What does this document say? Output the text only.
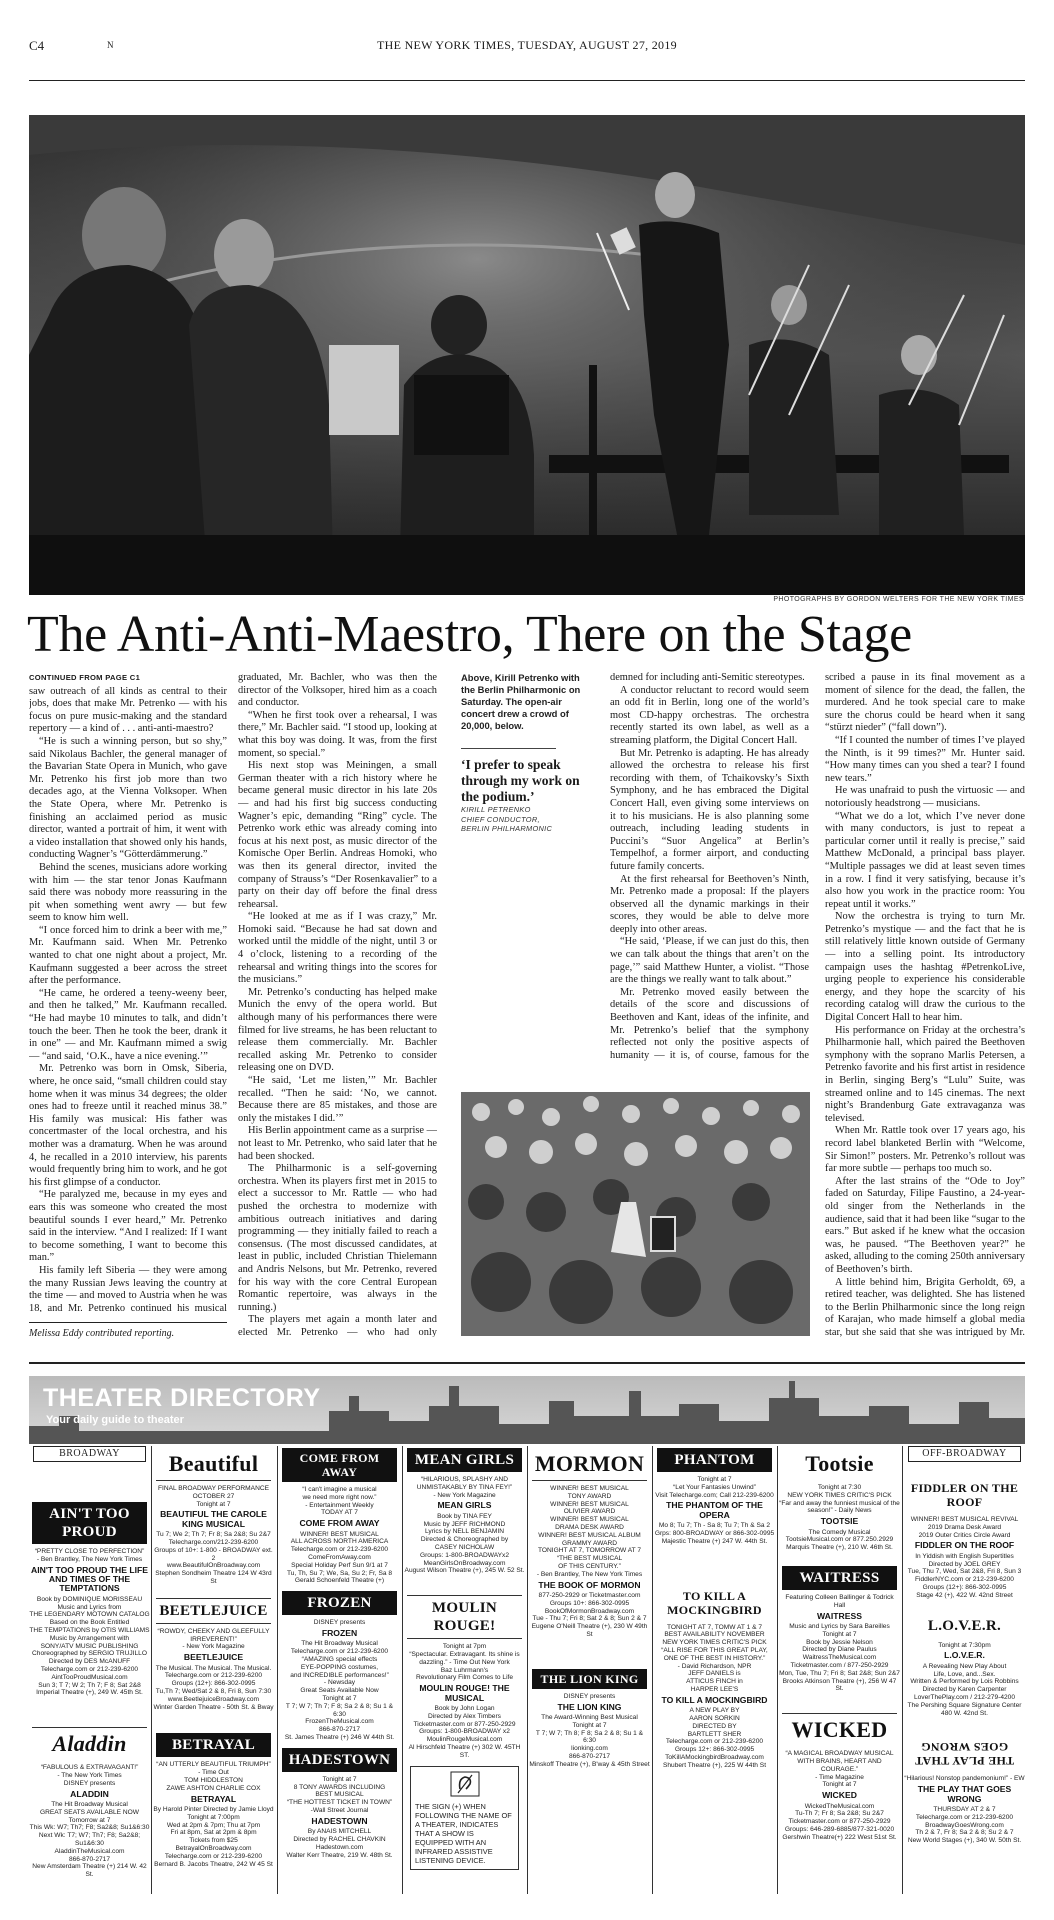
C4	N	THE NEW YORK TIMES, TUESDAY, AUGUST 27, 2019
PHOTOGRAPHS BY GORDON WELTERS FOR THE NEW YORK TIMES
The Anti-Anti-Maestro, There on the Stage
CONTINUED FROM PAGE C1

saw outreach of all kinds as central to their jobs, does that make Mr. Petrenko — with his focus on pure music-making and the standard repertory — a kind of . . . anti-anti-maestro?

“He is such a winning person, but so shy,” said Nikolaus Bachler, the general manager of the Bavarian State Opera in Munich, who gave Mr. Petrenko his first job more than two decades ago, at the Vienna Volksoper. When the State Opera, where Mr. Petrenko is finishing an acclaimed period as music director, wanted a portrait of him, it went with a video installation that showed only his hands, conducting Wagner’s “Götterdämmerung.”

Behind the scenes, musicians adore working with him — the star tenor Jonas Kaufmann said there was nobody more reassuring in the pit when something went awry — but few seem to know him well.

“I once forced him to drink a beer with me,” Mr. Kaufmann said. When Mr. Petrenko wanted to chat one night about a project, Mr. Kaufmann suggested a beer across the street after the performance.

“He came, he ordered a teeny-weeny beer, and then he talked,” Mr. Kaufmann recalled. “He had maybe 10 minutes to talk, and didn’t touch the beer. Then he took the beer, drank it in one” — and Mr. Kaufmann mimed a swig — “and said, ‘O.K., have a nice evening.’”

Mr. Petrenko was born in Omsk, Siberia, where, he once said, “small children could stay home when it was minus 34 degrees; the older ones had to freeze until it reached minus 38.” His family was musical: His father was concertmaster of the local orchestra, and his mother was a dramaturg. When he was around 4, he recalled in a 2010 interview, his parents would frequently bring him to work, and he got his first glimpse of a conductor.

“He paralyzed me, because in my eyes and ears this was someone who created the most beautiful sounds I ever heard,” Mr. Petrenko said in the interview. “And I realized: If I want to become something, I want to become this man.”

His family left Siberia — they were among the many Russian Jews leaving the country at the time — and moved to Austria when he was 18, and Mr. Petrenko continued his musical

Melissa Eddy contributed reporting.

graduated, Mr. Bachler, who was then the director of the Volksoper, hired him as a coach and conductor.

“When he first took over a rehearsal, I was there,” Mr. Bachler said. “I stood up, looking at what this boy was doing. It was, from the first moment, so special.”

His next stop was Meiningen, a small German theater with a rich history where he became general music director in his late 20s — and had his first big success conducting Wagner’s epic, demanding “Ring” cycle. The Petrenko work ethic was already coming into focus at his next post, as music director of the Komische Oper Berlin. Andreas Homoki, who was then its general director, invited the company of Strauss’s “Der Rosenkavalier” to a party on their day off before the final dress rehearsal.

“He looked at me as if I was crazy,” Mr. Homoki said. “Because he had sat down and worked until the middle of the night, until 3 or 4 o’clock, listening to a recording of the rehearsal and writing things into the scores for the musicians.”

Mr. Petrenko’s conducting has helped make Munich the envy of the opera world. But although many of his performances there were filmed for live streams, he has been reluctant to release them commercially. Mr. Bachler recalled asking Mr. Petrenko to consider releasing one on DVD.

“He said, ‘Let me listen,’” Mr. Bachler recalled. “Then he said: ‘No, we cannot. Because there are 85 mistakes, and those are only the mistakes I did.’”

His Berlin appointment came as a surprise — not least to Mr. Petrenko, who said later that he had been shocked.

The Philharmonic is a self-governing orchestra. When its players first met in 2015 to elect a successor to Mr. Rattle — who had pushed the orchestra to modernize with ambitious outreach initiatives and daring programming — they initially failed to reach a consensus. (The most discussed candidates, at least in public, included Christian Thielemann and Andris Nelsons, but Mr. Petrenko, revered for his way with the core Central European Romantic repertoire, was always in the running.)

The players met again a month later and elected Mr. Petrenko — who had only

Above, Kirill Petrenko with the Berlin Philharmonic on Saturday. The open-air concert drew a crowd of 20,000, below.
‘I prefer to speak through my work on the podium.’
KIRILL PETRENKO
CHIEF CONDUCTOR,
BERLIN PHILHARMONIC

demned for including anti-Semitic stereotypes.

A conductor reluctant to record would seem an odd fit in Berlin, long one of the world’s most CD-happy orchestras. The orchestra recently started its own label, as well as a streaming platform, the Digital Concert Hall.

But Mr. Petrenko is adapting. He has already allowed the orchestra to release his first recording with them, of Tchaikovsky’s Sixth Symphony, and he has embraced the Digital Concert Hall, even giving some interviews on it to his musicians. He is also planning some outreach, including leading students in Puccini’s “Suor Angelica” at Berlin’s Tempelhof, a former airport, and conducting future family concerts.

At the first rehearsal for Beethoven’s Ninth, Mr. Petrenko made a proposal: If the players observed all the dynamic markings in their scores, they would be able to delve more deeply into other areas.

“He said, ‘Please, if we can just do this, then we can talk about the things that aren’t on the page,’” said Matthew Hunter, a violist. “Those are the things we really want to talk about.”

Mr. Petrenko moved easily between the details of the score and discussions of Beethoven and Kant, ideas of the infinite, and Mr. Petrenko’s belief that the symphony reflected not only the positive aspects of humanity — it is, of course, famous for the

scribed a pause in its final movement as a moment of silence for the dead, the fallen, the murdered. And he took special care to make sure the chorus could be heard when it sang “stürzt nieder” (“fall down”).

“If I counted the number of times I’ve played the Ninth, is it 99 times?” Mr. Hunter said. “How many times can you shed a tear? I found new tears.”

He was unafraid to push the virtuosic — and notoriously headstrong — musicians.

“What we do a lot, which I’ve never done with many conductors, is just to repeat a particular corner until it really is precise,” said Matthew McDonald, a principal bass player. “Multiple passages we did at least seven times in a row. I find it very satisfying, because it’s also how you work in the practice room: You repeat until it works.”

Now the orchestra is trying to turn Mr. Petrenko’s mystique — and the fact that he is still relatively little known outside of Germany — into a selling point. Its introductory campaign uses the hashtag #PetrenkoLive, urging people to experience his considerable energy, and they hope the scarcity of his recording catalog will draw the curious to the Digital Concert Hall to hear him.

His performance on Friday at the orchestra’s Philharmonie hall, which paired the Beethoven symphony with the soprano Marlis Petersen, a Petrenko favorite and his first artist in residence in Berlin, singing Berg’s “Lulu” Suite, was streamed online and to 145 cinemas. The next night’s Brandenburg Gate extravaganza was televised.

When Mr. Rattle took over 17 years ago, his record label blanketed Berlin with “Welcome, Sir Simon!” posters. Mr. Petrenko’s rollout was far more subtle — perhaps too much so.

After the last strains of the “Ode to Joy” faded on Saturday, Filipe Faustino, a 24-year-old singer from the Netherlands in the audience, said that it had been like “sugar to the ears.” But asked if he knew what the occasion was, he paused. “The Beethoven year?” he asked, alluding to the coming 250th anniversary of Beethoven’s birth.

A little behind him, Brigita Gerholdt, 69, a retired teacher, was delighted. She has listened to the Berlin Philharmonic since the long reign of Karajan, who made himself a global media star, but she said that she was intrigued by Mr.

THEATER DIRECTORY
Your daily guide to theater
BROADWAY
AIN'T TOO PROUD
“PRETTY CLOSE TO PERFECTION”
- Ben Brantley, The New York Times
AIN'T TOO PROUD THE LIFE AND TIMES OF THE TEMPTATIONS
Book by DOMINIQUE MORISSEAU
Music and Lyrics from
THE LEGENDARY MOTOWN CATALOG
Based on the Book Entitled
THE TEMPTATIONS by OTIS WILLIAMS
Music by Arrangement with
SONY/ATV MUSIC PUBLISHING
Choreographed by SERGIO TRUJILLO
Directed by DES McANUFF
Telecharge.com or 212-239-6200
AintTooProudMusical.com
Sun 3; T 7; W 2; Th 7; F 8; Sat 2&8
Imperial Theatre (+), 249 W. 45th St.
Aladdin
“FABULOUS & EXTRAVAGANT!”
- The New York Times
DISNEY presents
ALADDIN
The Hit Broadway Musical
GREAT SEATS AVAILABLE NOW
Tomorrow at 7
This Wk: W7; Th7; F8; Sa2&8; Su1&6:30
Next Wk: T7; W7; Th7; F8; Sa2&8; Su1&6:30
AladdinTheMusical.com
866-870-2717
New Amsterdam Theatre (+) 214 W. 42 St.
Beautiful
FINAL BROADWAY PERFORMANCE
OCTOBER 27
Tonight at 7
BEAUTIFUL THE CAROLE KING MUSICAL
Tu 7; We 2; Th 7; Fr 8; Sa 2&8; Su 2&7
Telecharge.com/212-239-6200
Groups of 10+: 1-800 - BROADWAY ext. 2
www.BeautifulOnBroadway.com
Stephen Sondheim Theatre 124 W 43rd St
BEETLEJUICE
“ROWDY, CHEEKY AND GLEEFULLY IRREVERENT!”
- New York Magazine
BEETLEJUICE
The Musical. The Musical. The Musical.
Telecharge.com or 212-239-6200
Groups (12+): 866-302-0995
Tu,Th 7; Wed/Sat 2 & 8, Fri 8, Sun 7:30
www.BeetlejuiceBroadway.com
Winter Garden Theatre - 50th St. & Bway
BETRAYAL
“AN UTTERLY BEAUTIFUL TRIUMPH”
- Time Out
TOM HIDDLESTON
ZAWE ASHTON CHARLIE COX
BETRAYAL
By Harold Pinter Directed by Jamie Lloyd
Tonight at 7:00pm
Wed at 2pm & 7pm; Thu at 7pm
Fri at 8pm, Sat at 2pm & 8pm
Tickets from $25
BetrayalOnBroadway.com
Telecharge.com or 212-239-6200
Bernard B. Jacobs Theatre, 242 W 45 St
COME FROM AWAY
“I can't imagine a musical
we need more right now.”
- Entertainment Weekly
TODAY AT 7
COME FROM AWAY
WINNER! BEST MUSICAL
ALL ACROSS NORTH AMERICA
Telecharge.com or 212-239-6200
ComeFromAway.com
Special Holiday Perf Sun 9/1 at 7
Tu, Th, Su 7; We, Sa, Su 2; Fr, Sa 8
Gerald Schoenfeld Theatre (+)
FROZEN
DISNEY presents
FROZEN
The Hit Broadway Musical
Telecharge.com or 212-239-6200
“AMAZING special effects
EYE-POPPING costumes,
and INCREDIBLE performances!”
- Newsday
Great Seats Available Now
Tonight at 7
T 7; W 7; Th 7; F 8; Sa 2 & 8; Su 1 & 6:30
FrozenTheMusical.com
866-870-2717
St. James Theatre (+) 246 W 44th St.
HADESTOWN
Tonight at 7
8 TONY AWARDS INCLUDING
BEST MUSICAL
“THE HOTTEST TICKET IN TOWN”
-Wall Street Journal
HADESTOWN
By ANAIS MITCHELL
Directed by RACHEL CHAVKIN
Hadestown.com
Walter Kerr Theatre, 219 W. 48th St.
MEAN GIRLS
“HILARIOUS, SPLASHY AND
UNMISTAKABLY BY TINA FEY!”
- New York Magazine
MEAN GIRLS
Book by TINA FEY
Music by JEFF RICHMOND
Lyrics by NELL BENJAMIN
Directed & Choreographed by
CASEY NICHOLAW
Groups: 1-800-BROADWAYx2
MeanGirlsOnBroadway.com
August Wilson Theatre (+), 245 W. 52 St.
MOULIN ROUGE!
Tonight at 7pm
“Spectacular. Extravagant. Its shine is
dazzling.” - Time Out New York
Baz Luhrmann's
Revolutionary Film Comes to Life
MOULIN ROUGE! THE MUSICAL
Book by John Logan
Directed by Alex Timbers
Ticketmaster.com or 877-250-2929
Groups: 1-800-BROADWAY x2
MoulinRougeMusical.com
Al Hirschfeld Theatre (+) 302 W. 45TH ST.
THE SIGN (+) WHEN FOLLOWING THE NAME OF A THEATER, INDICATES THAT A SHOW IS EQUIPPED WITH AN INFRARED ASSISTIVE LISTENING DEVICE.
MORMON
WINNER! BEST MUSICAL
TONY AWARD
WINNER! BEST MUSICAL
OLIVIER AWARD
WINNER! BEST MUSICAL
DRAMA DESK AWARD
WINNER! BEST MUSICAL ALBUM
GRAMMY AWARD
TONIGHT AT 7, TOMORROW AT 7
“THE BEST MUSICAL
OF THIS CENTURY.”
- Ben Brantley, The New York Times
THE BOOK OF MORMON
877-250-2929 or Ticketmaster.com
Groups 10+: 866-302-0995
BookOfMormonBroadway.com
Tue - Thu 7; Fri 8; Sat 2 & 8; Sun 2 & 7
Eugene O'Neill Theatre (+), 230 W 49th St
THE LION KING
DISNEY presents
THE LION KING
The Award-Winning Best Musical
Tonight at 7
T 7; W 7; Th 8; F 8; Sa 2 & 8; Su 1 & 6:30
lionking.com
866-870-2717
Minskoff Theatre (+), B'way & 45th Street
PHANTOM
Tonight at 7
“Let Your Fantasies Unwind”
Visit Telecharge.com; Call 212-239-6200
THE PHANTOM OF THE OPERA
Mo 8; Tu 7; Th - Sa 8; Tu 7; Th & Sa 2
Grps: 800-BROADWAY or 866-302-0995
Majestic Theatre (+) 247 W. 44th St.
TO KILL A MOCKINGBIRD
TONIGHT AT 7, TOMW AT 1 & 7
BEST AVAILABILITY NOVEMBER
NEW YORK TIMES CRITIC'S PICK
“ALL RISE FOR THIS GREAT PLAY,
ONE OF THE BEST IN HISTORY.”
- David Richardson, NPR
JEFF DANIELS is
ATTICUS FINCH in
HARPER LEE'S
TO KILL A MOCKINGBIRD
A NEW PLAY BY
AARON SORKIN
DIRECTED BY
BARTLETT SHER
Telecharge.com or 212-239-6200
Groups 12+: 866-302-0995
ToKillAMockingbirdBroadway.com
Shubert Theatre (+), 225 W 44th St
Tootsie
Tonight at 7:30
NEW YORK TIMES CRITIC'S PICK
“Far and away the funniest musical of the
season!” - Daily News
TOOTSIE
The Comedy Musical
TootsieMusical.com or 877.250.2929
Marquis Theatre (+), 210 W. 46th St.
WAITRESS
Featuring Colleen Ballinger & Todrick Hall
WAITRESS
Music and Lyrics by Sara Bareilles
Tonight at 7
Book by Jessie Nelson
Directed by Diane Paulus
WaitressTheMusical.com
Ticketmaster.com / 877-250-2929
Mon, Tue, Thu 7; Fri 8; Sat 2&8; Sun 2&7
Brooks Atkinson Theatre (+), 256 W 47 St.
WICKED
“A MAGICAL BROADWAY MUSICAL
WITH BRAINS, HEART AND COURAGE.”
- Time Magazine
Tonight at 7
WICKED
WickedTheMusical.com
Tu-Th 7; Fr 8; Sa 2&8; Su 2&7
Ticketmaster.com or 877-250-2929
Groups: 646-289-6885/877-321-0020
Gershwin Theatre(+) 222 West 51st St.
OFF-BROADWAY
FIDDLER ON THE ROOF
WINNER! BEST MUSICAL REVIVAL
2019 Drama Desk Award
2019 Outer Critics Circle Award
FIDDLER ON THE ROOF
In Yiddish with English Supertitles
Directed by JOEL GREY
Tue, Thu 7, Wed, Sat 2&8, Fri 8, Sun 3
FiddlerNYC.com or 212-239-6200
Groups (12+): 866-302-0995
Stage 42 (+), 422 W. 42nd Street
L.O.V.E.R.
Tonight at 7:30pm
L.O.V.E.R.
A Revealing New Play About
Life, Love, and...Sex.
Written & Performed by Lois Robbins
Directed by Karen Carpenter
LoverThePlay.com / 212-279-4200
The Pershing Square Signature Center
480 W. 42nd St.
THE PLAY THAT GOES WRONG
“Hilarious! Nonstop pandemonium!” - EW
THE PLAY THAT GOES WRONG
THURSDAY AT 2 & 7
Telecharge.com or 212-239-6200
BroadwayGoesWrong.com
Th 2 & 7, Fr 8; Sa 2 & 8; Su 2 & 7
New World Stages (+), 340 W. 50th St.
